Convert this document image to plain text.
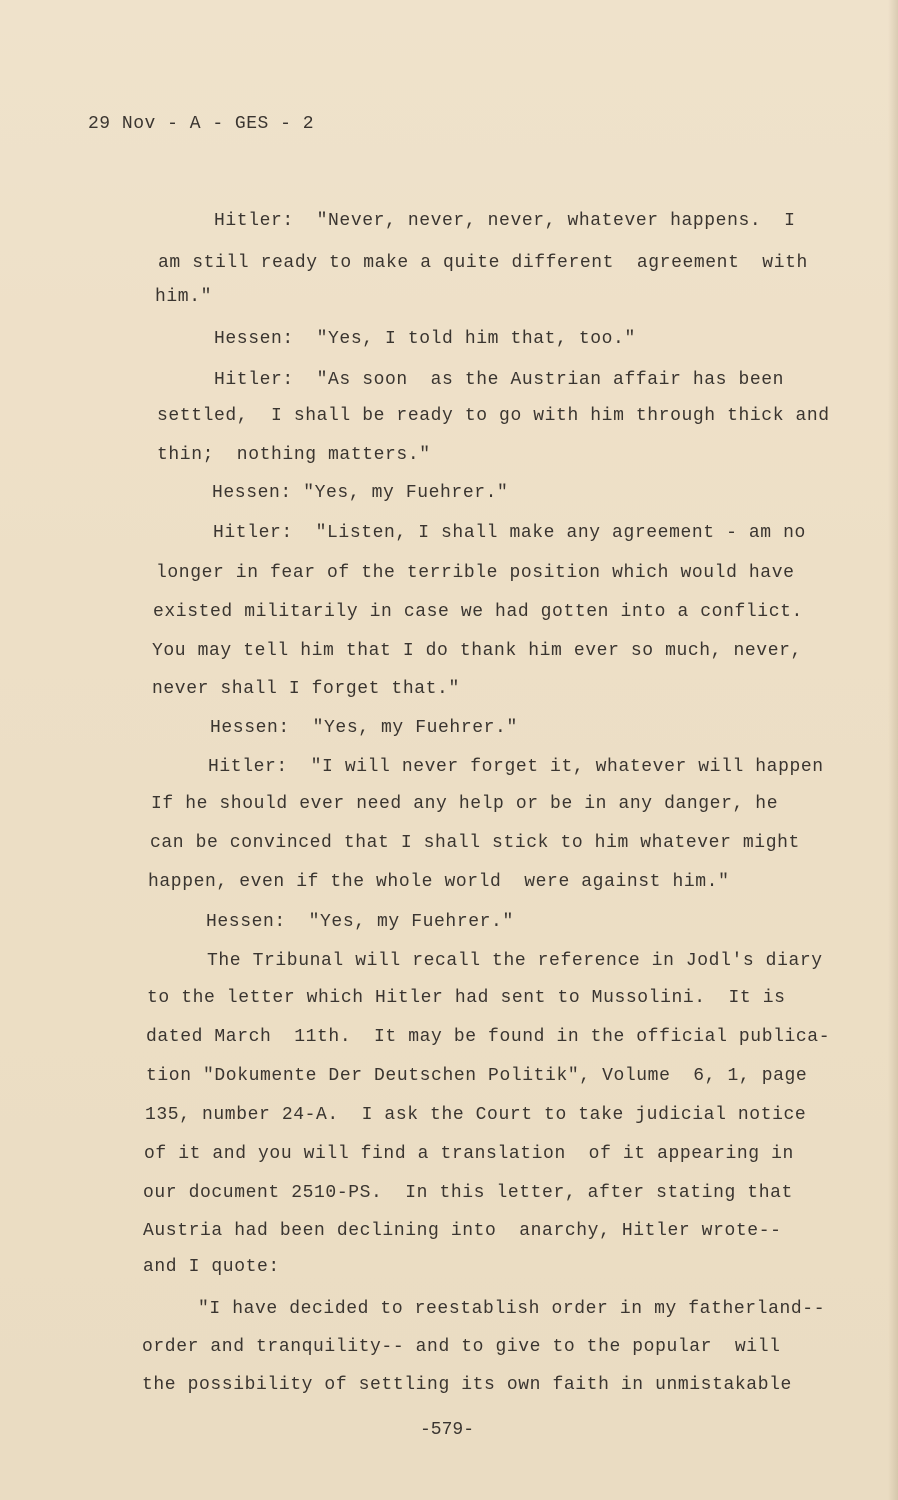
29 Nov - A - GES - 2
Hitler:  "Never, never, never, whatever happens.  I
am still ready to make a quite different  agreement  with
him."
Hessen:  "Yes, I told him that, too."
Hitler:  "As soon  as the Austrian affair has been
settled,  I shall be ready to go with him through thick and
thin;  nothing matters."
Hessen: "Yes, my Fuehrer."
Hitler:  "Listen, I shall make any agreement - am no
longer in fear of the terrible position which would have
existed militarily in case we had gotten into a conflict.
You may tell him that I do thank him ever so much, never,
never shall I forget that."
Hessen:  "Yes, my Fuehrer."
Hitler:  "I will never forget it, whatever will happen
If he should ever need any help or be in any danger, he
can be convinced that I shall stick to him whatever might
happen, even if the whole world  were against him."
Hessen:  "Yes, my Fuehrer."
The Tribunal will recall the reference in Jodl's diary
to the letter which Hitler had sent to Mussolini.  It is
dated March  11th.  It may be found in the official publica-
tion "Dokumente Der Deutschen Politik", Volume  6, 1, page
135, number 24-A.  I ask the Court to take judicial notice
of it and you will find a translation  of it appearing in
our document 2510-PS.  In this letter, after stating that
Austria had been declining into  anarchy, Hitler wrote--
and I quote:
"I have decided to reestablish order in my fatherland--
order and tranquility-- and to give to the popular  will
the possibility of settling its own faith in unmistakable
-579-
